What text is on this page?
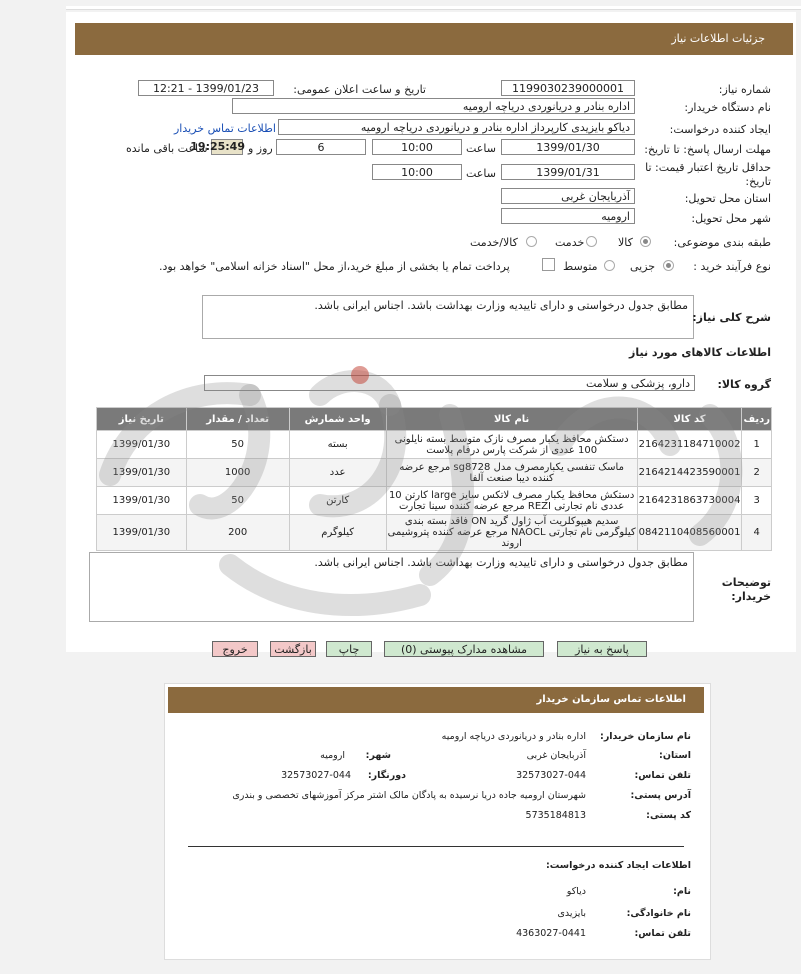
جزئیات اطلاعات نیاز
شماره نیاز:
1199030239000001
تاریخ و ساعت اعلان عمومی:
1399/01/23 - 12:21
نام دستگاه خریدار:
اداره بنادر و دریانوردی دریاچه ارومیه
ایجاد کننده درخواست:
دیاکو بایزیدی کارپرداز اداره بنادر و دریانوردی دریاچه ارومیه
اطلاعات تماس خریدار
مهلت ارسال پاسخ: تا تاریخ:
1399/01/30
ساعت
10:00
6
روز و
19:25:49
ساعت باقی مانده
حداقل تاریخ اعتبار قیمت: تا تاریخ:
1399/01/31
ساعت
10:00
استان محل تحویل:
آذربایجان غربی
شهر محل تحویل:
ارومیه
طبقه بندی موضوعی:
کالا
خدمت
کالا/خدمت
نوع فرآیند خرید :
جزیی
متوسط
پرداخت تمام یا بخشی از مبلغ خرید،از محل "اسناد خزانه اسلامی" خواهد بود.
مطابق جدول درخواستی و دارای تاییدیه وزارت بهداشت باشد. اجناس ایرانی باشد.
شرح کلی نیاز:
اطلاعات کالاهای مورد نیاز
گروه کالا:
دارو، پزشکی و سلامت
ردیف	کد کالا	نام کالا	واحد شمارش	تعداد / مقدار	تاریخ نیاز
1	2164231184710002	دستکش محافظ یکبار مصرف نازک متوسط بسته نایلونی 100 عددی از شرکت پارس درفام پلاست	بسته	50	1399/01/30
2	2164214423590001	ماسک تنفسی یکبارمصرف مدل sg8728 مرجع عرضه کننده دیبا صنعت آلفا	عدد	1000	1399/01/30
3	2164231863730004	دستکش محافظ یکبار مصرف لاتکس سایز large کارتن 10 عددی نام تجارتی REZI مرجع عرضه کننده سینا تجارت	کارتن	50	1399/01/30
4	0842110408560001	سدیم هیپوکلریت آب ژاول گرید ON فاقد بسته بندی کیلوگرمی نام تجارتی NAOCL مرجع عرضه کننده پتروشیمی اروند	کیلوگرم	200	1399/01/30
مطابق جدول درخواستی و دارای تاییدیه وزارت بهداشت باشد. اجناس ایرانی باشد.
توضیحات خریدار:
پاسخ به نیاز
مشاهده مدارک پیوستی (0)
چاپ
بازگشت
خروج
اطلاعات تماس سازمان خریدار
نام سازمان خریدار:
اداره بنادر و دریانوردی دریاچه ارومیه
استان:
آذربایجان غربی
شهر:
ارومیه
تلفن تماس:
32573027-044
دورنگار:
32573027-044
آدرس پستی:
شهرستان ارومیه جاده دریا نرسیده به پادگان مالک اشتر مرکز آموزشهای تخصصی و بندری
کد پستی:
5735184813
اطلاعات ایجاد کننده درخواست:
نام:
دیاکو
نام خانوادگی:
بایزیدی
تلفن تماس:
4363027-0441
